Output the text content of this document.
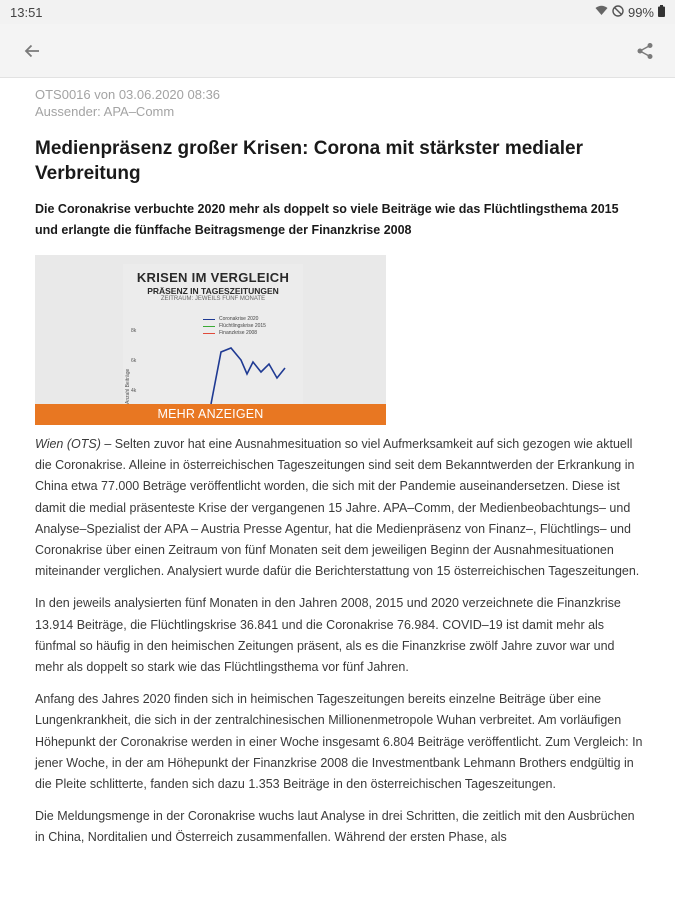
13:51	99%
OTS0016 von 03.06.2020 08:36
Aussender: APA–Comm
Medienpräsenz großer Krisen: Corona mit stärkster medialer Verbreitung

Die Coronakrise verbuchte 2020 mehr als doppelt so viele Beiträge wie das Flüchtlingsthema 2015 und erlangte die fünffache Beitragsmenge der Finanzkrise 2008

KRISEN IM VERGLEICH
PRÄSENZ IN TAGESZEITUNGEN
ZEITRAUM: JEWEILS FÜNF MONATE
Coronakrise 2020
Flüchtlingskrise 2015
Finanzkrise 2008
8k
6k
4k
Anzahl Beiträge
MEHR ANZEIGEN

Wien (OTS) – Selten zuvor hat eine Ausnahmesituation so viel Aufmerksamkeit auf sich gezogen wie aktuell die Coronakrise. Alleine in österreichischen Tageszeitungen sind seit dem Bekanntwerden der Erkrankung in China etwa 77.000 Beträge veröffentlicht worden, die sich mit der Pandemie auseinandersetzen. Diese ist damit die medial präsenteste Krise der vergangenen 15 Jahre. APA–Comm, der Medienbeobachtungs– und Analyse–Spezialist der APA – Austria Presse Agentur, hat die Medienpräsenz von Finanz–, Flüchtlings– und Coronakrise über einen Zeitraum von fünf Monaten seit dem jeweiligen Beginn der Ausnahmesituationen miteinander verglichen. Analysiert wurde dafür die Berichterstattung von 15 österreichischen Tageszeitungen.

In den jeweils analysierten fünf Monaten in den Jahren 2008, 2015 und 2020 verzeichnete die Finanzkrise 13.914 Beiträge, die Flüchtlingskrise 36.841 und die Coronakrise 76.984. COVID–19 ist damit mehr als fünfmal so häufig in den heimischen Zeitungen präsent, als es die Finanzkrise zwölf Jahre zuvor war und mehr als doppelt so stark wie das Flüchtlingsthema vor fünf Jahren.

Anfang des Jahres 2020 finden sich in heimischen Tageszeitungen bereits einzelne Beiträge über eine Lungenkrankheit, die sich in der zentralchinesischen Millionenmetropole Wuhan verbreitet. Am vorläufigen Höhepunkt der Coronakrise werden in einer Woche insgesamt 6.804 Beiträge veröffentlicht. Zum Vergleich: In jener Woche, in der am Höhepunkt der Finanzkrise 2008 die Investmentbank Lehmann Brothers endgültig in die Pleite schlitterte, fanden sich dazu 1.353 Beiträge in den österreichischen Tageszeitungen.

Die Meldungsmenge in der Coronakrise wuchs laut Analyse in drei Schritten, die zeitlich mit den Ausbrüchen in China, Norditalien und Österreich zusammenfallen. Während der ersten Phase, als
